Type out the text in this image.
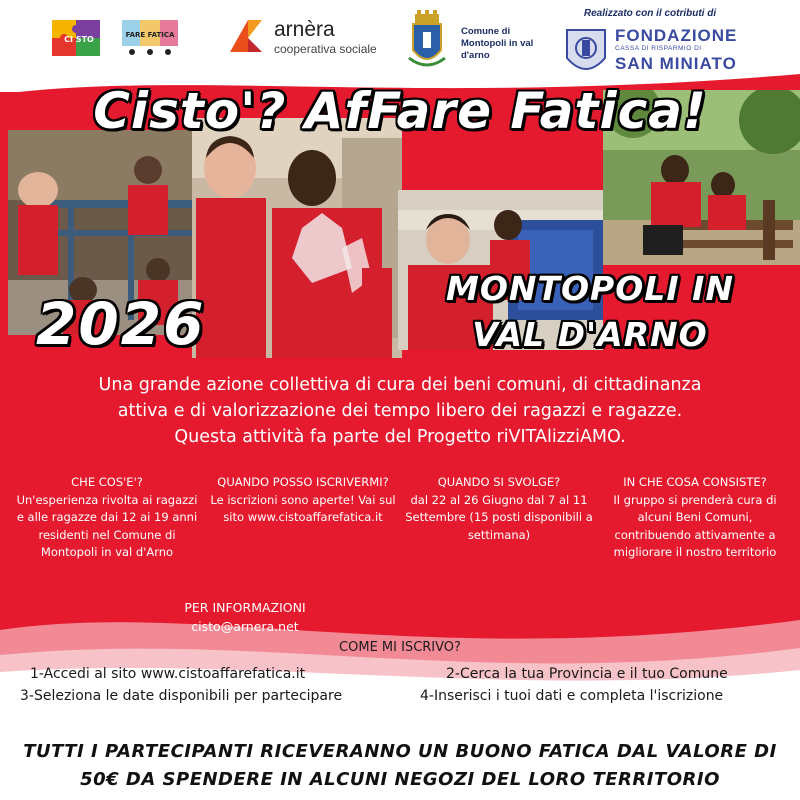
CI STO	FARE FATICA	arnèra
cooperativa sociale
Comune di Montopoli in val d'arno
Realizzato con il cotributi di
FONDAZIONE
CASSA DI RISPARMIO DI
SAN MINIATO
Cisto'? AfFare Fatica!
2026
MONTOPOLI IN
VAL D'ARNO
Una grande azione collettiva di cura dei beni comuni, di cittadinanza
attiva e di valorizzazione dei tempo libero dei ragazzi e ragazze.
Questa attività fa parte del Progetto riVITAlizziAMO.
CHE COS'E'?
Un'esperienza rivolta ai ragazzi e alle ragazze dai 12 ai 19 anni residenti nel Comune di Montopoli in val d'Arno
QUANDO POSSO ISCRIVERMI?
Le iscrizioni sono aperte! Vai sul sito www.cistoaffarefatica.it
QUANDO SI SVOLGE?
dal 22 al 26 Giugno dal 7 al 11 Settembre (15 posti disponibili a settimana)
IN CHE COSA CONSISTE?
Il gruppo si prenderà cura di alcuni Beni Comuni, contribuendo attivamente a migliorare il nostro territorio
PER INFORMAZIONI
cisto@arnera.net
COME MI ISCRIVO?
1-Accedi al sito www.cistoaffarefatica.it	2-Cerca la tua Provincia e il tuo Comune
3-Seleziona le date disponibili per partecipare	4-Inserisci i tuoi dati e completa l'iscrizione
TUTTI I PARTECIPANTI RICEVERANNO UN BUONO FATICA DAL VALORE DI
50€ DA SPENDERE IN ALCUNI NEGOZI DEL LORO TERRITORIO
